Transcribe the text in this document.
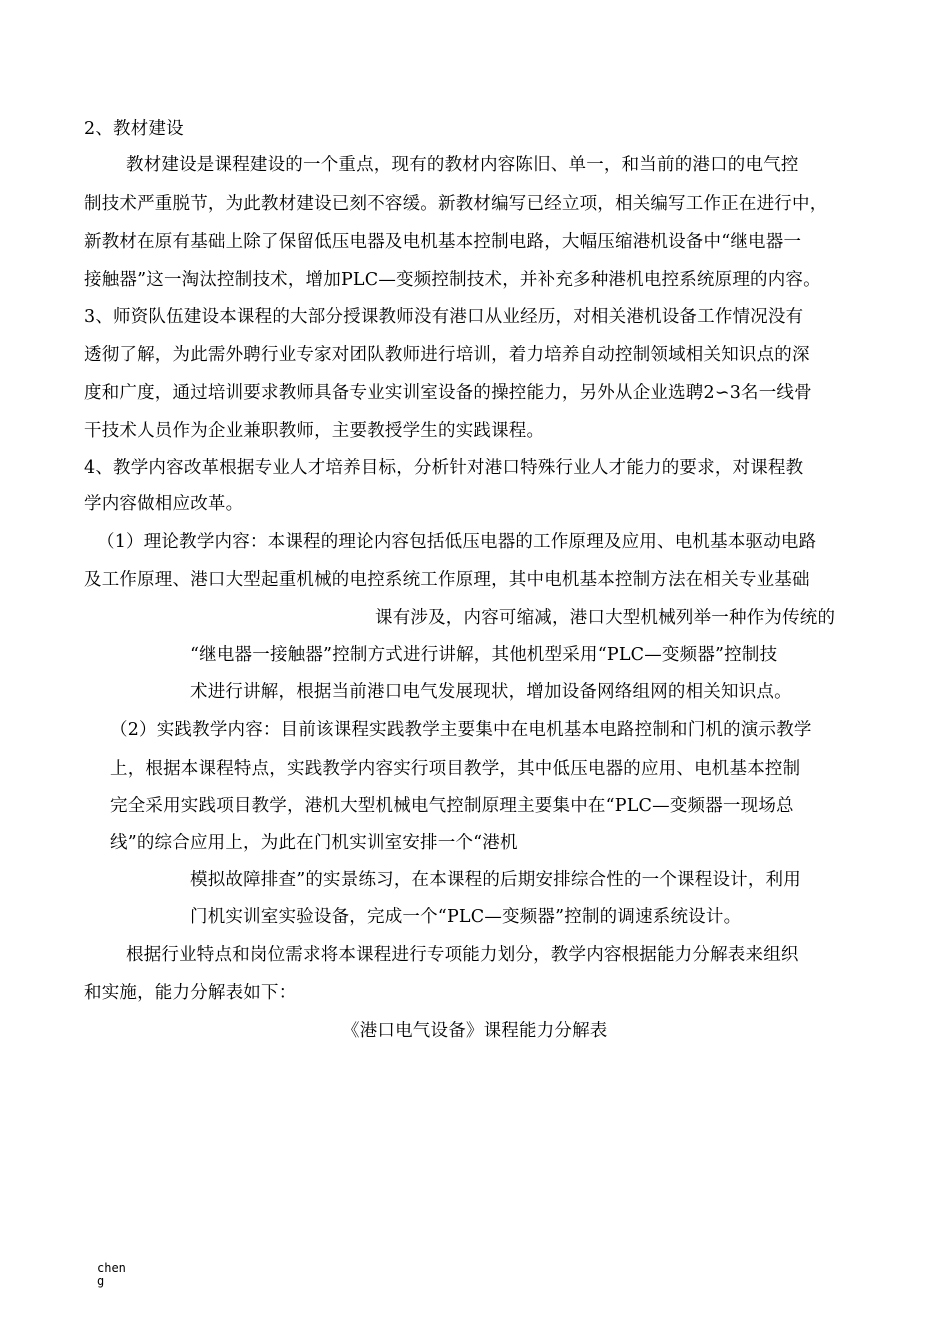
2、教材建设
教材建设是课程建设的一个重点，现有的教材内容陈旧、单一，和当前的港口的电气控
制技术严重脱节，为此教材建设已刻不容缓。新教材编写已经立项，相关编写工作正在进行中，
新教材在原有基础上除了保留低压电器及电机基本控制电路，大幅压缩港机设备中“继电器一
接触器”这一淘汰控制技术，增加PLC—变频控制技术，并补充多种港机电控系统原理的内容。
3、师资队伍建设本课程的大部分授课教师没有港口从业经历，对相关港机设备工作情况没有
透彻了解，为此需外聘行业专家对团队教师进行培训，着力培养自动控制领域相关知识点的深
度和广度，通过培训要求教师具备专业实训室设备的操控能力，另外从企业选聘2∽3名一线骨
干技术人员作为企业兼职教师，主要教授学生的实践课程。
4、教学内容改革根据专业人才培养目标，分析针对港口特殊行业人才能力的要求，对课程教
学内容做相应改革。
（1）理论教学内容：本课程的理论内容包括低压电器的工作原理及应用、电机基本驱动电路
及工作原理、港口大型起重机械的电控系统工作原理，其中电机基本控制方法在相关专业基础
课有涉及，内容可缩减，港口大型机械列举一种作为传统的
“继电器一接触器”控制方式进行讲解，其他机型采用“PLC—变频器”控制技
术进行讲解，根据当前港口电气发展现状，增加设备网络组网的相关知识点。
（2）实践教学内容：目前该课程实践教学主要集中在电机基本电路控制和门机的演示教学
上，根据本课程特点，实践教学内容实行项目教学，其中低压电器的应用、电机基本控制
完全采用实践项目教学，港机大型机械电气控制原理主要集中在“PLC—变频器一现场总
线”的综合应用上，为此在门机实训室安排一个“港机
模拟故障排查”的实景练习，在本课程的后期安排综合性的一个课程设计，利用
门机实训室实验设备，完成一个“PLC—变频器”控制的调速系统设计。
根据行业特点和岗位需求将本课程进行专项能力划分，教学内容根据能力分解表来组织
和实施，能力分解表如下：
《港口电气设备》课程能力分解表
cheng
